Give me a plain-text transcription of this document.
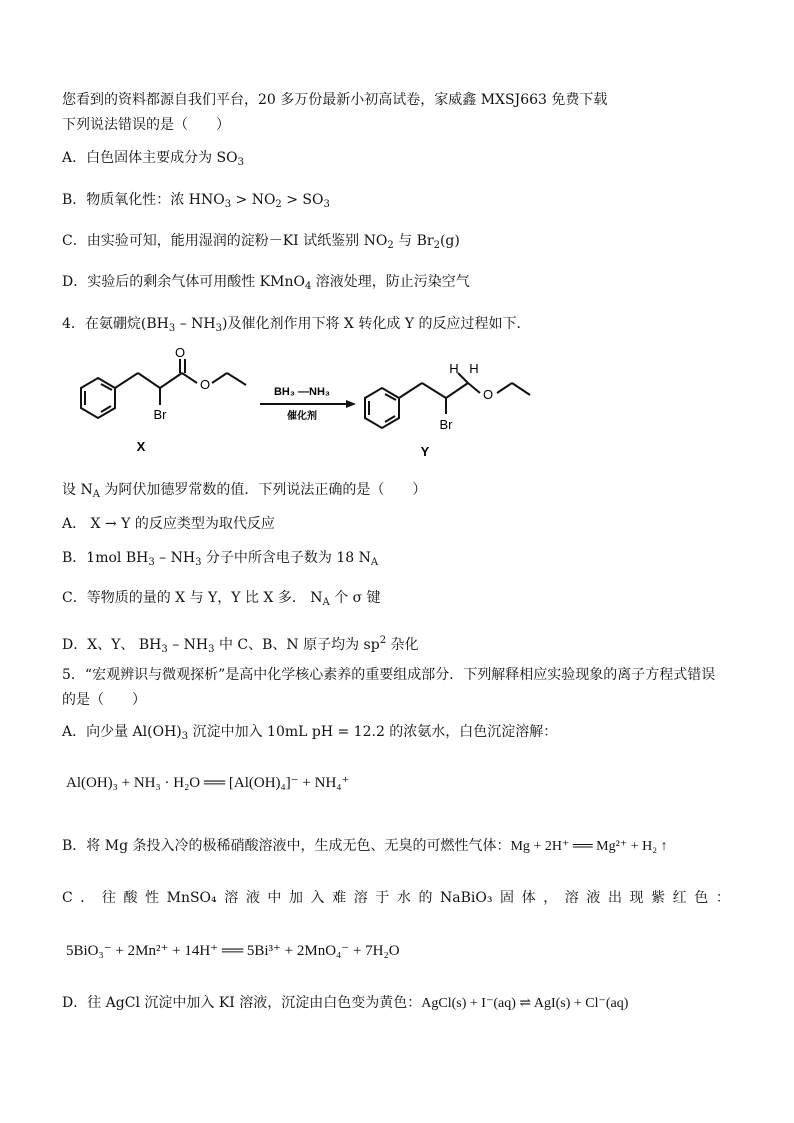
您看到的资料都源自我们平台，20 多万份最新小初高试卷，家威鑫 MXSJ663 免费下载
下列说法错误的是（　　）
A．白色固体主要成分为 $SO_3$
B．物质氧化性：浓 $HNO_3 > NO_2 > SO_3$
C．由实验可知，能用湿润的淀粉－KI 试纸鉴别 $NO_2$ 与 $Br_2(g)$
D．实验后的剩余气体可用酸性 KMnO$_4$ 溶液处理，防止污染空气
4．在氨硼烷$(BH_3 - NH_3)$及催化剂作用下将 X 转化成 Y 的反应过程如下．
O
O
Br
X
BH₃ —NH₃
催化剂
H H
O
Br
Y
设 $N_A$ 为阿伏加德罗常数的值．下列说法正确的是（　　）
A． X → Y 的反应类型为取代反应
B．1mol $BH_3 - NH_3$ 分子中所含电子数为 18 $N_A$
C．等物质的量的 X 与 Y，Y 比 X 多． $N_A$ 个 σ 键
D．X、Y、 $BH_3 - NH_3$ 中 C、B、N 原子均为 $sp^2$ 杂化
5．“宏观辨识与微观探析”是高中化学核心素养的重要组成部分．下列解释相应实验现象的离子方程式错误
的是（　　）
A．向少量 $Al(OH)_3$ 沉淀中加入 10mL pH = 12.2 的浓氨水，白色沉淀溶解：
Al(OH)₃ + NH₃ · H₂O ══ [Al(OH)₄]⁻ + NH₄⁺
B．将 Mg 条投入冷的极稀硝酸溶液中，生成无色、无臭的可燃性气体：Mg + 2H⁺ ══ Mg²⁺ + H₂ ↑
C ． 往 酸 性 MnSO₄ 溶 液 中 加 入 难 溶 于 水 的 NaBiO₃ 固 体 ， 溶 液 出 现 紫 红 色 ：
5BiO₃⁻ + 2Mn²⁺ + 14H⁺ ══ 5Bi³⁺ + 2MnO₄⁻ + 7H₂O
D．往 AgCl 沉淀中加入 KI 溶液，沉淀由白色变为黄色：AgCl(s) + I⁻(aq) ⇌ AgI(s) + Cl⁻(aq)
